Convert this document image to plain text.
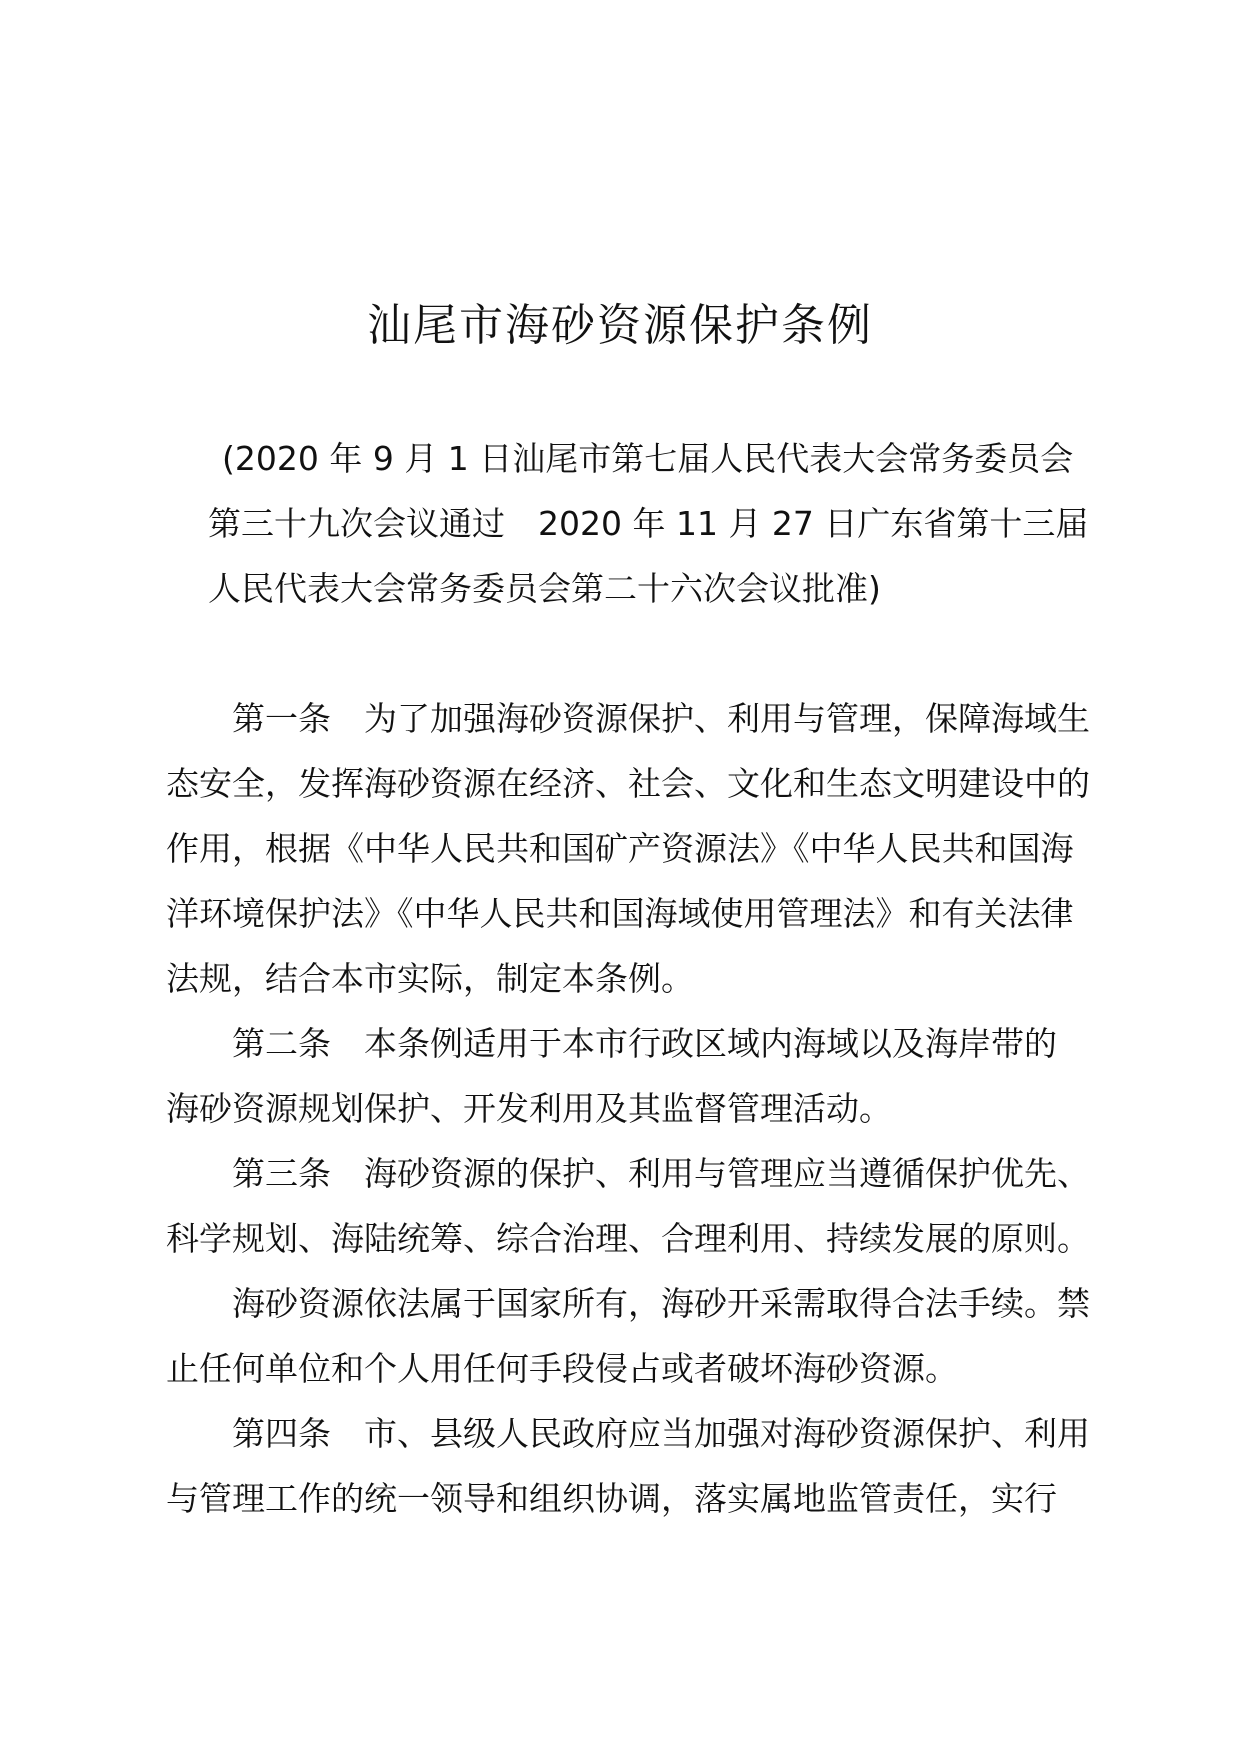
汕尾市海砂资源保护条例
(2020 年 9 月 1 日汕尾市第七届人民代表大会常务委员会
第三十九次会议通过　2020 年 11 月 27 日广东省第十三届
人民代表大会常务委员会第二十六次会议批准)
第一条 为了加强海砂资源保护、利用与管理，保障海域生
态安全，发挥海砂资源在经济、社会、文化和生态文明建设中的
作用，根据《中华人民共和国矿产资源法》《中华人民共和国海
洋环境保护法》《中华人民共和国海域使用管理法》和有关法律
法规，结合本市实际，制定本条例。
第二条 本条例适用于本市行政区域内海域以及海岸带的
海砂资源规划保护、开发利用及其监督管理活动。
第三条 海砂资源的保护、利用与管理应当遵循保护优先、
科学规划、海陆统筹、综合治理、合理利用、持续发展的原则。
海砂资源依法属于国家所有，海砂开采需取得合法手续。禁
止任何单位和个人用任何手段侵占或者破坏海砂资源。
第四条 市、县级人民政府应当加强对海砂资源保护、利用
与管理工作的统一领导和组织协调，落实属地监管责任，实行
